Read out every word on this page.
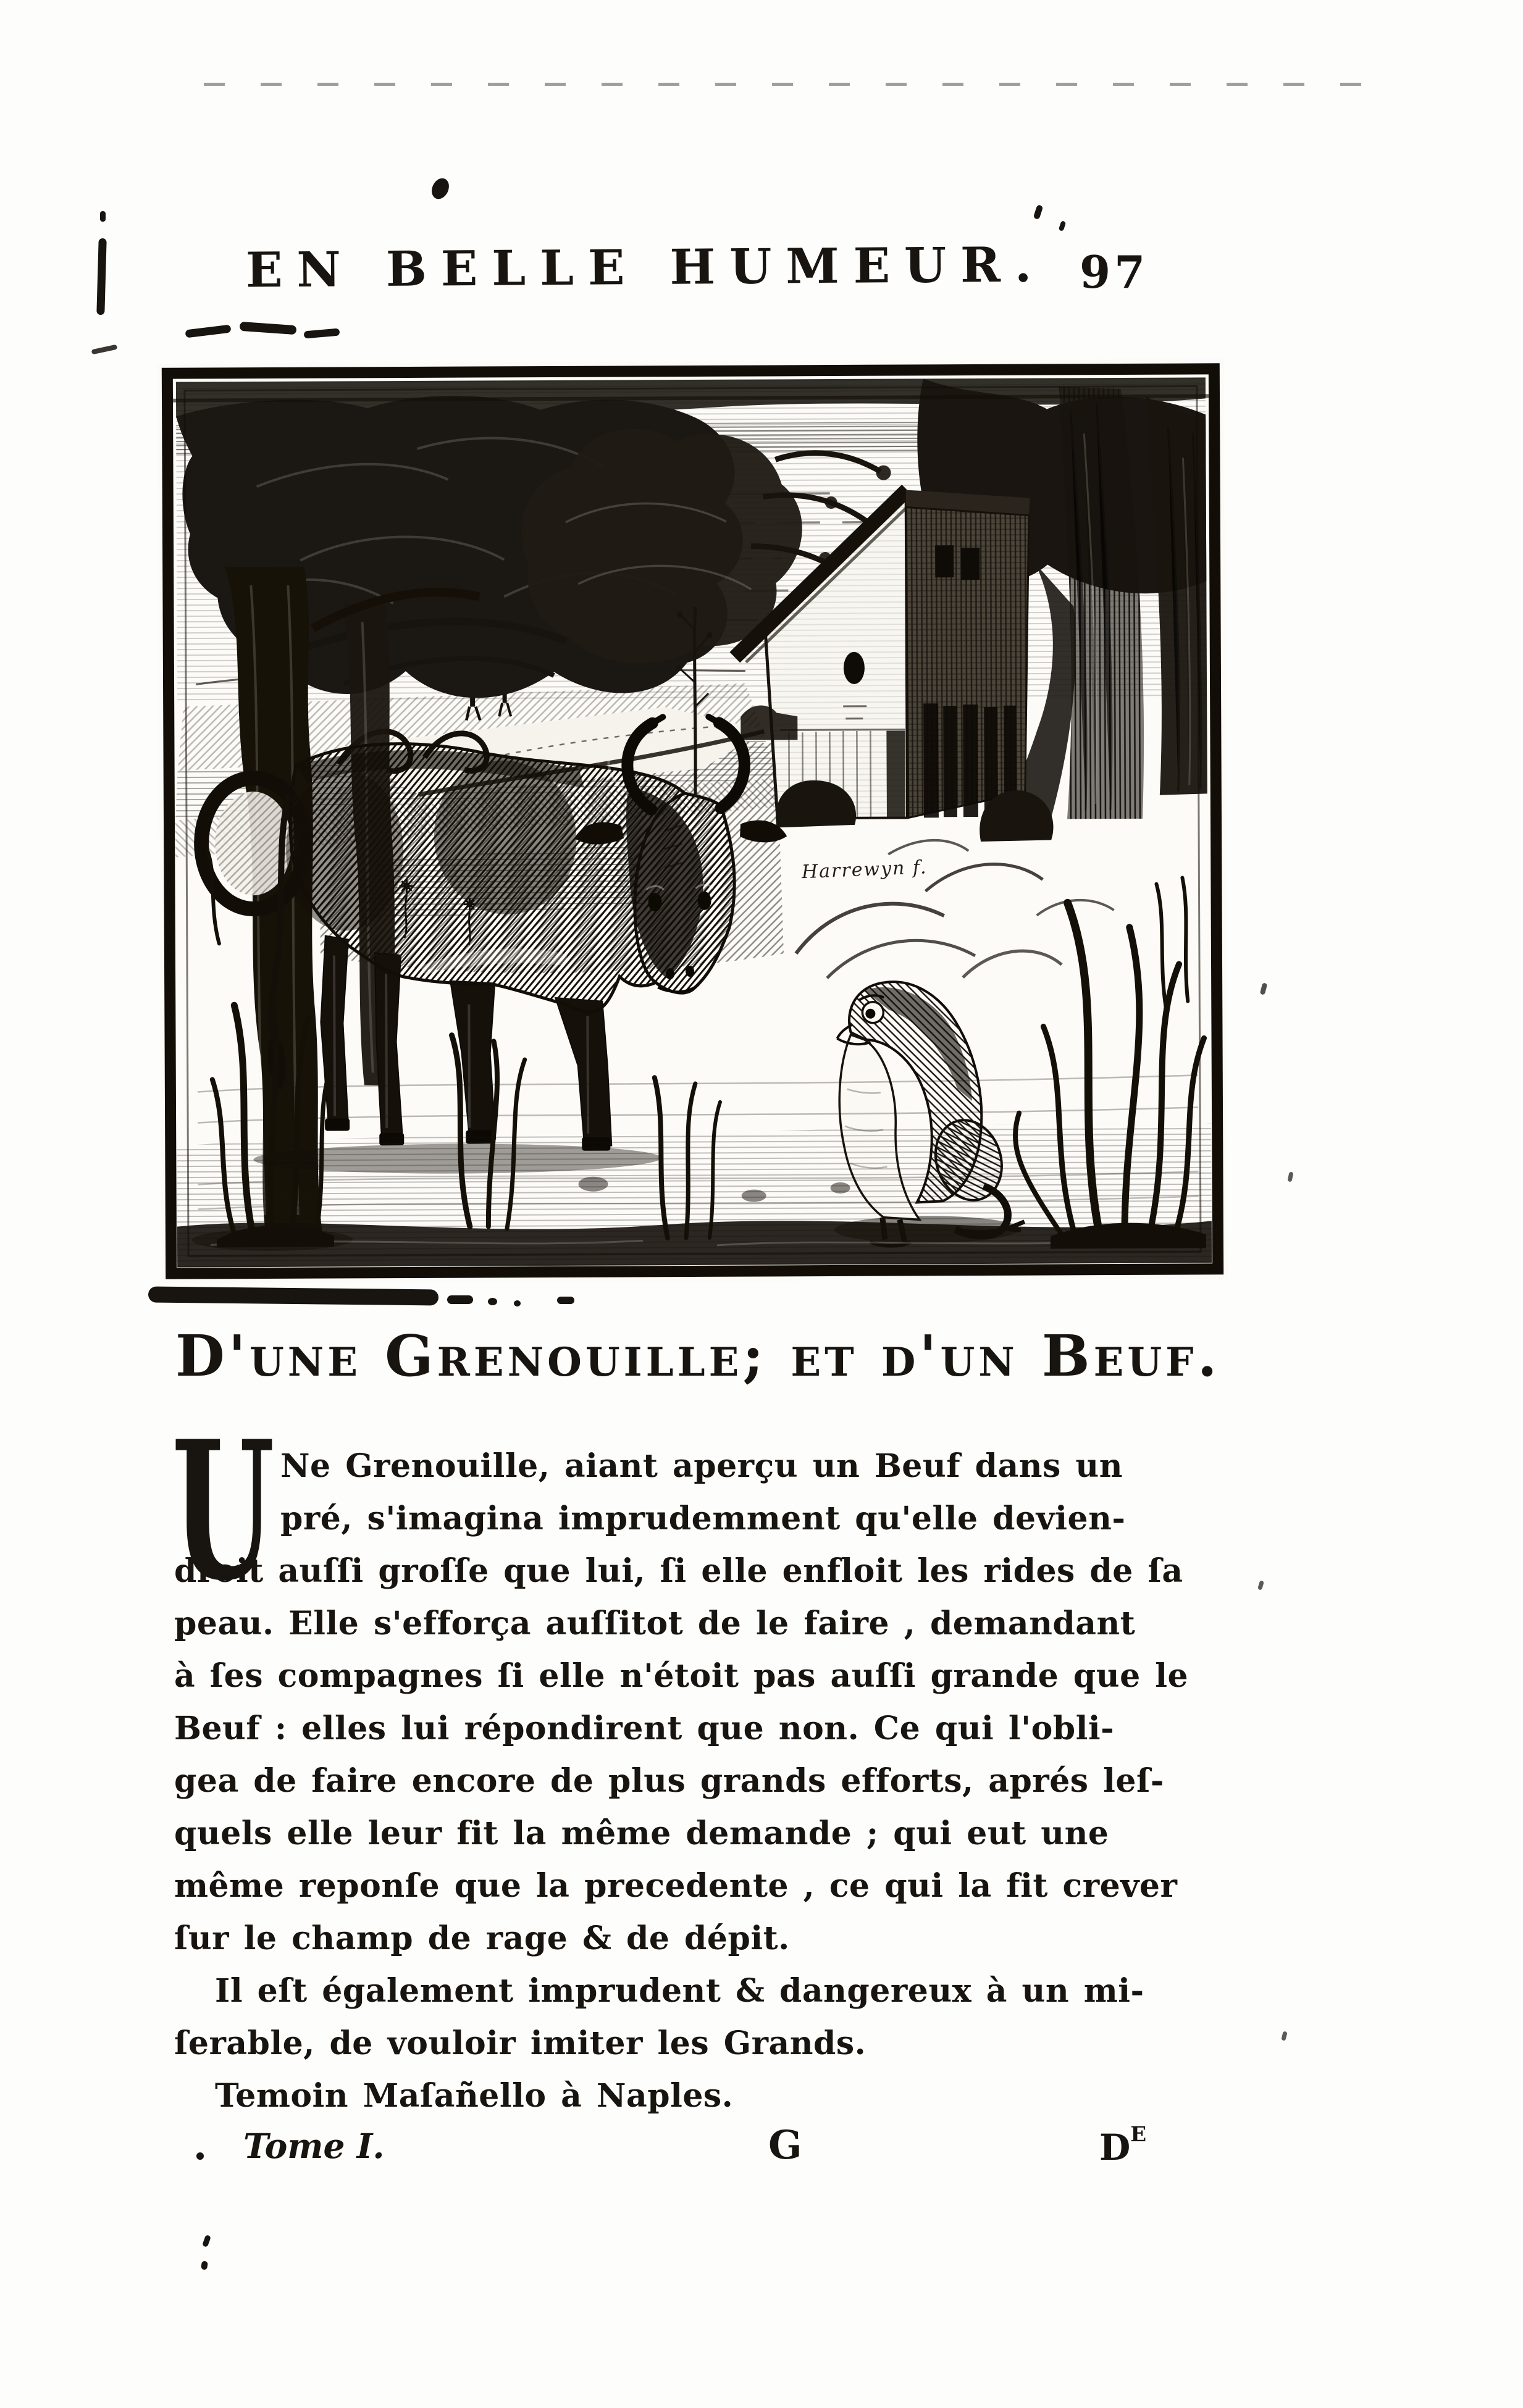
EN BELLE HUMEUR. 97
Harrewyn f.
D'une Grenouille; et d'un Beuf.
U Ne Grenouille, aiant aperçu un Beuf dans un
pré, s'imagina imprudemment qu'elle devien-
droit auſſi groſſe que lui, ſi elle enfloit les rides de ſa
peau. Elle s'efforça auſſitot de le faire , demandant
à ſes compagnes ſi elle n'étoit pas auſſi grande que le
Beuf : elles lui répondirent que non. Ce qui l'obli-
gea de faire encore de plus grands efforts, aprés leſ-
quels elle leur fit la même demande ; qui eut une
même reponſe que la precedente , ce qui la fit crever
ſur le champ de rage & de dépit.
Il eſt également imprudent & dangereux à un mi-
ſerable, de vouloir imiter les Grands.
Temoin Maſañello à Naples.
Tome I.	G	$D^E$
